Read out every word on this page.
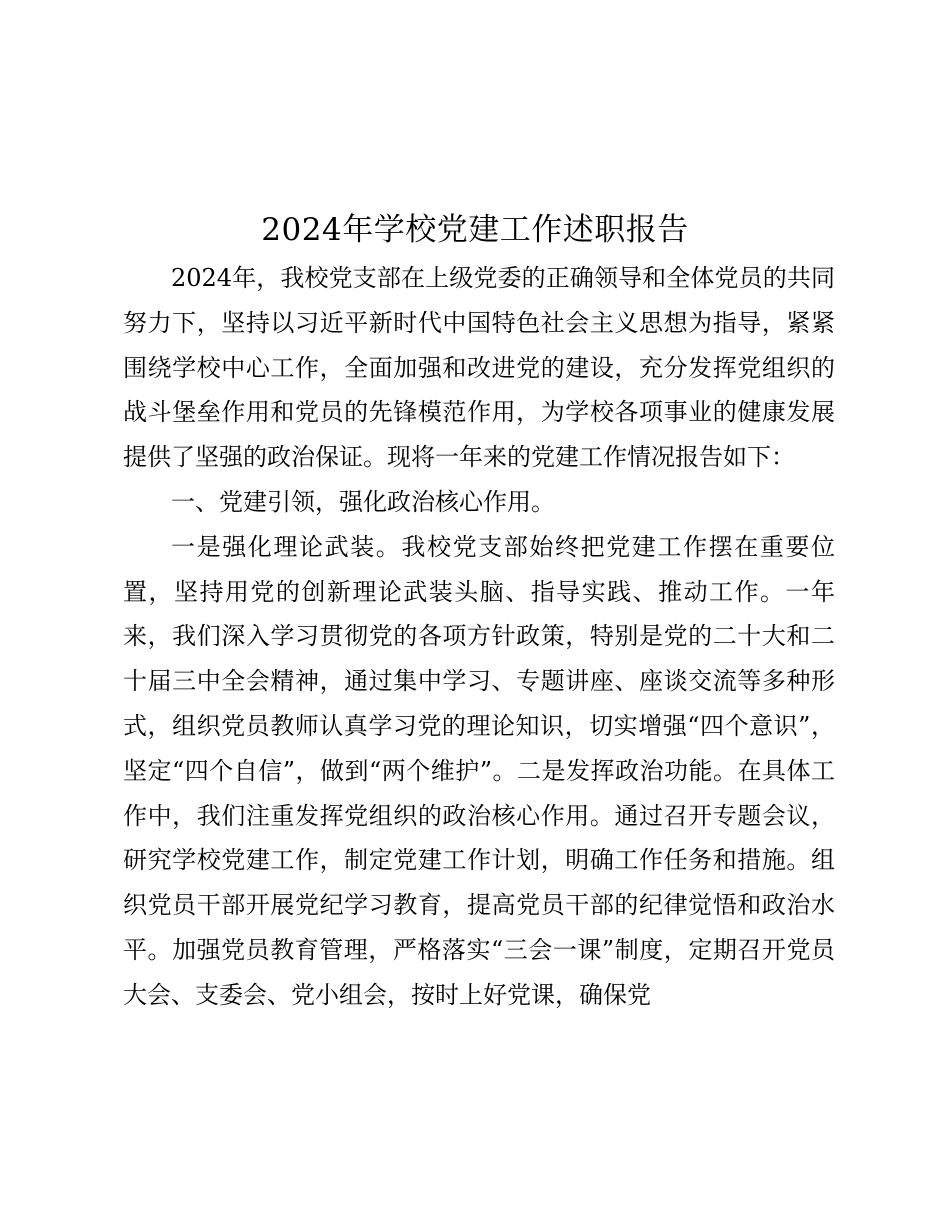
2024年学校党建工作述职报告

2024年，我校党支部在上级党委的正确领导和全体党员的共同努力下，坚持以习近平新时代中国特色社会主义思想为指导，紧紧围绕学校中心工作，全面加强和改进党的建设，充分发挥党组织的战斗堡垒作用和党员的先锋模范作用，为学校各项事业的健康发展提供了坚强的政治保证。现将一年来的党建工作情况报告如下：

一、党建引领，强化政治核心作用。

一是强化理论武装。我校党支部始终把党建工作摆在重要位置，坚持用党的创新理论武装头脑、指导实践、推动工作。一年来，我们深入学习贯彻党的各项方针政策，特别是党的二十大和二十届三中全会精神，通过集中学习、专题讲座、座谈交流等多种形式，组织党员教师认真学习党的理论知识，切实增强“四个意识”，坚定“四个自信”，做到“两个维护”。二是发挥政治功能。在具体工作中，我们注重发挥党组织的政治核心作用。通过召开专题会议，研究学校党建工作，制定党建工作计划，明确工作任务和措施。组织党员干部开展党纪学习教育，提高党员干部的纪律觉悟和政治水平。加强党员教育管理，严格落实“三会一课”制度，定期召开党员大会、支委会、党小组会，按时上好党课，确保党
